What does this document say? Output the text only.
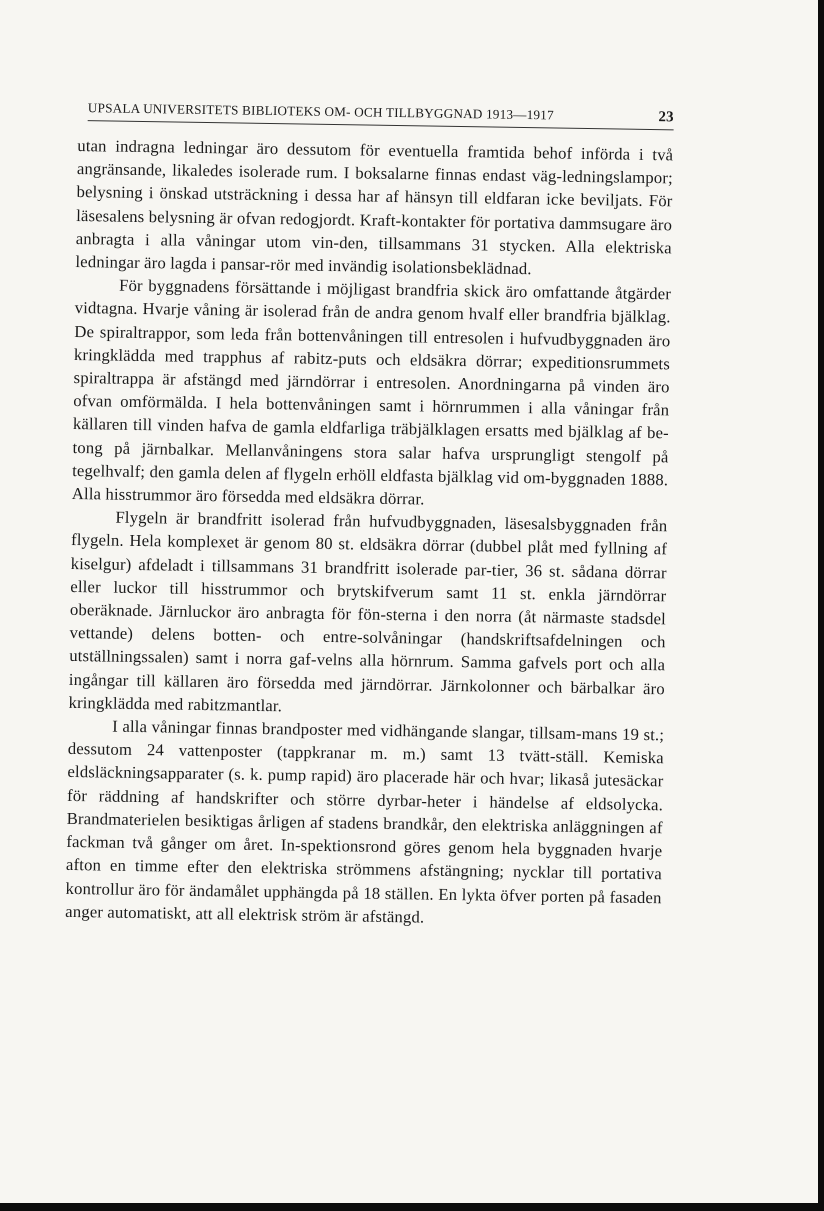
UPSALA UNIVERSITETS BIBLIOTEKS OM- OCH TILLBYGGNAD 1913—1917	23

utan indragna ledningar äro dessutom för eventuella framtida behof införda i två angränsande, likaledes isolerade rum. I boksalarne finnas endast väg-ledningslampor; belysning i önskad utsträckning i dessa har af hänsyn till eldfaran icke beviljats. För läsesalens belysning är ofvan redogjordt. Kraft-kontakter för portativa dammsugare äro anbragta i alla våningar utom vin-den, tillsammans 31 stycken. Alla elektriska ledningar äro lagda i pansar-rör med invändig isolationsbeklädnad.

För byggnadens försättande i möjligast brandfria skick äro omfattande åtgärder vidtagna. Hvarje våning är isolerad från de andra genom hvalf eller brandfria bjälklag. De spiraltrappor, som leda från bottenvåningen till entresolen i hufvudbyggnaden äro kringklädda med trapphus af rabitz-puts och eldsäkra dörrar; expeditionsrummets spiraltrappa är afstängd med järndörrar i entresolen. Anordningarna på vinden äro ofvan omförmälda. I hela bottenvåningen samt i hörnrummen i alla våningar från källaren till vinden hafva de gamla eldfarliga träbjälklagen ersatts med bjälklag af be-tong på järnbalkar. Mellanvåningens stora salar hafva ursprungligt stengolf på tegelhvalf; den gamla delen af flygeln erhöll eldfasta bjälklag vid om-byggnaden 1888. Alla hisstrummor äro försedda med eldsäkra dörrar.

Flygeln är brandfritt isolerad från hufvudbyggnaden, läsesalsbyggnaden från flygeln. Hela komplexet är genom 80 st. eldsäkra dörrar (dubbel plåt med fyllning af kiselgur) afdeladt i tillsammans 31 brandfritt isolerade par-tier, 36 st. sådana dörrar eller luckor till hisstrummor och brytskifverum samt 11 st. enkla järndörrar oberäknade. Järnluckor äro anbragta för fön-sterna i den norra (åt närmaste stadsdel vettande) delens botten- och entre-solvåningar (handskriftsafdelningen och utställningssalen) samt i norra gaf-velns alla hörnrum. Samma gafvels port och alla ingångar till källaren äro försedda med järndörrar. Järnkolonner och bärbalkar äro kringklädda med rabitzmantlar.

I alla våningar finnas brandposter med vidhängande slangar, tillsam-mans 19 st.; dessutom 24 vattenposter (tappkranar m. m.) samt 13 tvätt-ställ. Kemiska eldsläckningsapparater (s. k. pump rapid) äro placerade här och hvar; likaså jutesäckar för räddning af handskrifter och större dyrbar-heter i händelse af eldsolycka. Brandmaterielen besiktigas årligen af stadens brandkår, den elektriska anläggningen af fackman två gånger om året. In-spektionsrond göres genom hela byggnaden hvarje afton en timme efter den elektriska strömmens afstängning; nycklar till portativa kontrollur äro för ändamålet upphängda på 18 ställen. En lykta öfver porten på fasaden anger automatiskt, att all elektrisk ström är afstängd.
